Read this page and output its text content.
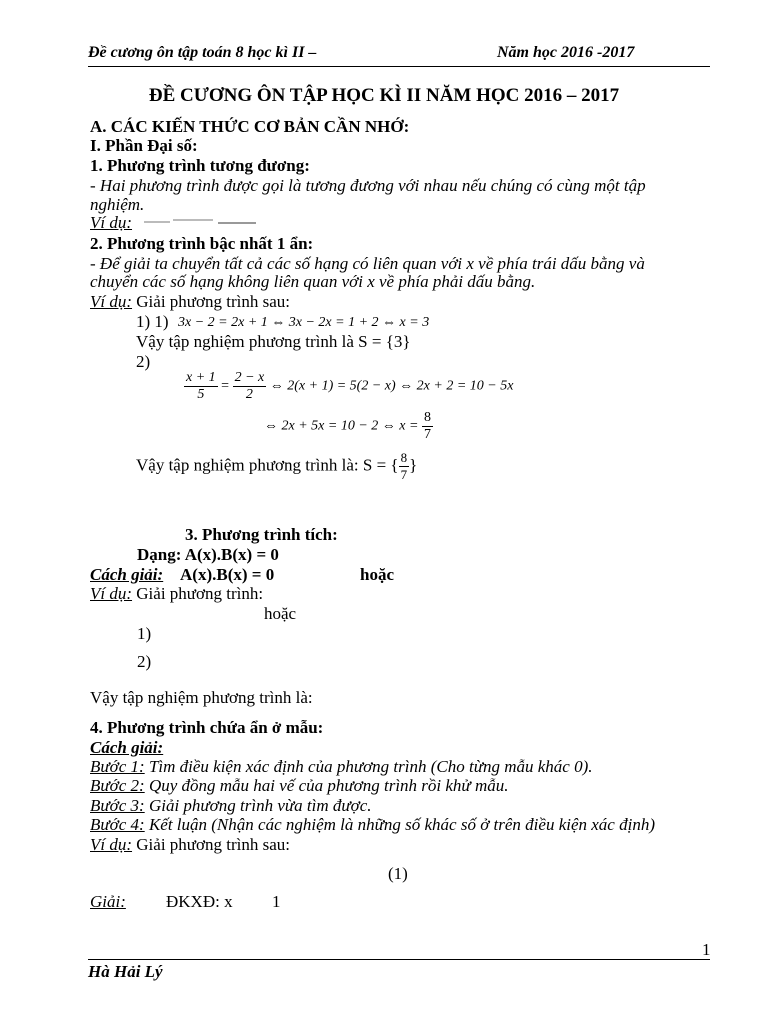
Đề cương ôn tập toán 8 học kì II –	Năm học 2016 -2017
ĐỀ CƯƠNG ÔN TẬP HỌC KÌ II NĂM HỌC 2016 – 2017
A. CÁC KIẾN THỨC CƠ BẢN CẦN NHỚ:
I. Phần Đại số:
1. Phương trình tương đương:
- Hai phương trình được gọi là tương đương với nhau nếu chúng có cùng một tập
nghiệm.
Ví dụ:
2. Phương trình bậc nhất 1 ẩn:
- Để giải ta chuyển tất cả các số hạng có liên quan với x về phía trái dấu bằng và
chuyển các số hạng không liên quan với x về phía phải dấu bằng.
Ví dụ: Giải phương trình sau:
1) 1) 3x − 2 = 2x + 1 ⇔ 3x − 2x = 1 + 2 ⇔ x = 3
Vậy tập nghiệm phương trình là S = {3}
2)
$\frac{x + 1}{5} = \frac{2 - x}{2}$ ⇔ 2(x + 1) = 5(2 − x) ⇔ 2x + 2 = 10 − 5x
⇔ 2x + 5x = 10 − 2 ⇔ $x = \frac{8}{7}$
Vậy tập nghiệm phương trình là: S = { $\frac{8}{7}$ }
3. Phương trình tích:
Dạng: A(x).B(x) = 0
Cách giải: A(x).B(x) = 0	hoặc
Ví dụ: Giải phương trình:
hoặc
1)
2)
Vậy tập nghiệm phương trình là:
4. Phương trình chứa ẩn ở mẫu:
Cách giải:
Bước 1: Tìm điều kiện xác định của phương trình (Cho từng mẫu khác 0).
Bước 2: Quy đồng mẫu hai vế của phương trình rồi khử mẫu.
Bước 3: Giải phương trình vừa tìm được.
Bước 4: Kết luận (Nhận các nghiệm là những số khác số ở trên điều kiện xác định)
Ví dụ: Giải phương trình sau:
(1)
Giải: ĐKXĐ: x 1
1
Hà Hải Lý
